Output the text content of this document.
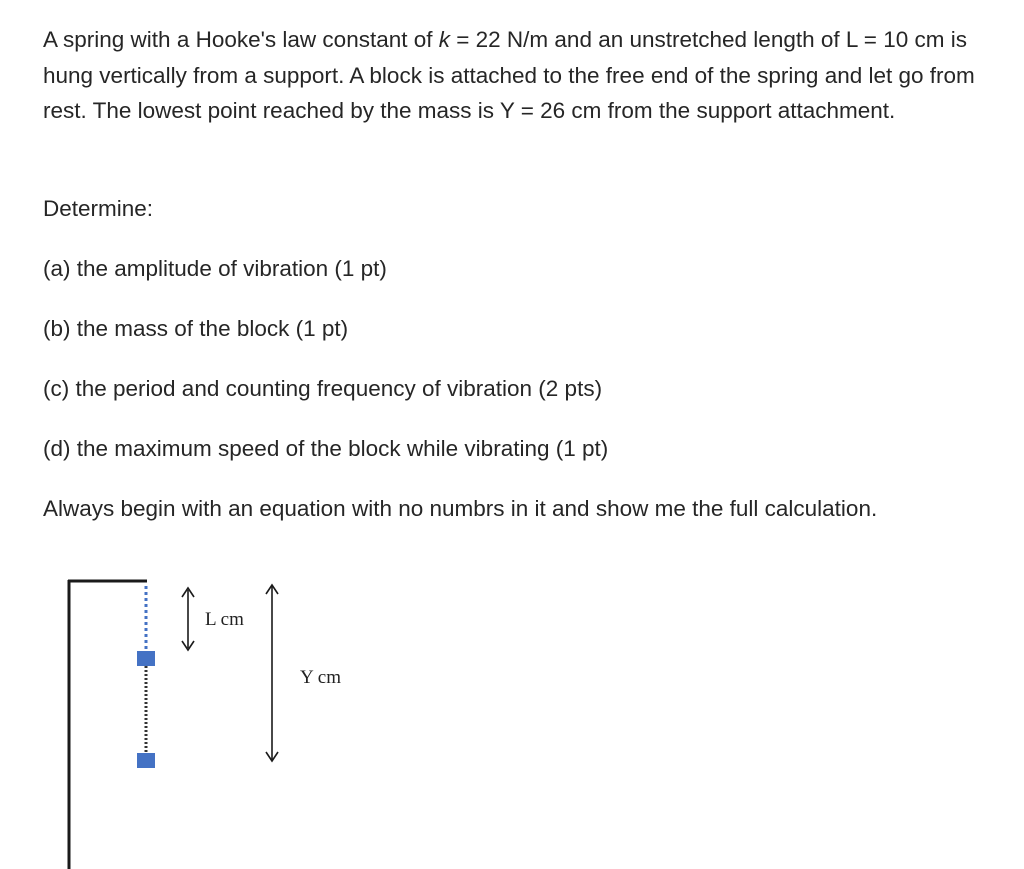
A spring with a Hooke's law constant of k = 22 N/m and an unstretched length of L = 10 cm is hung vertically from a support. A block is attached to the free end of the spring and let go from rest. The lowest point reached by the mass is Y = 26 cm from the support attachment.

Determine:

(a) the amplitude of vibration (1 pt)

(b) the mass of the block (1 pt)

(c) the period and counting frequency of vibration (2 pts)

(d) the maximum speed of the block while vibrating (1 pt)

Always begin with an equation with no numbrs in it and show me the full calculation.

L cm
Y cm
